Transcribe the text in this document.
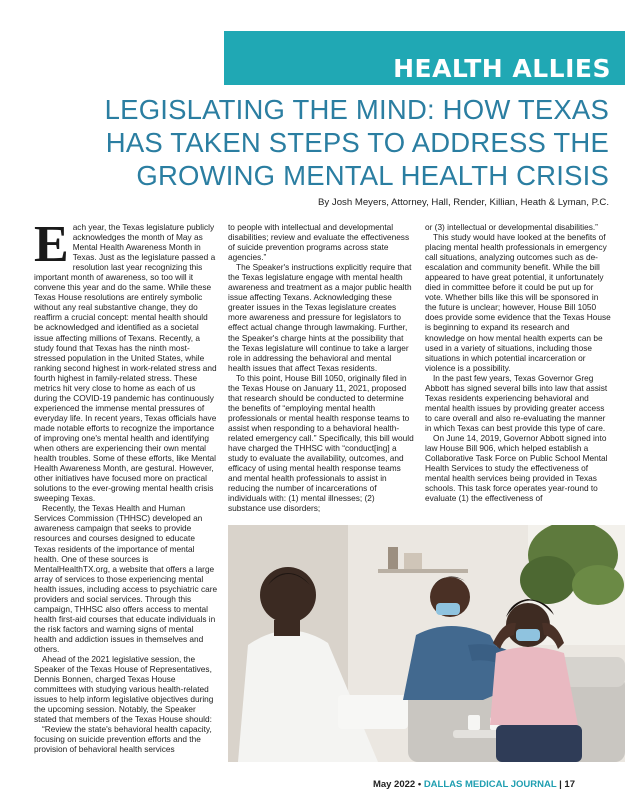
HEALTH ALLIES
LEGISLATING THE MIND: HOW TEXAS
HAS TAKEN STEPS TO ADDRESS THE
GROWING MENTAL HEALTH CRISIS
By Josh Meyers, Attorney, Hall, Render, Killian, Heath & Lyman, P.C.

Each year, the Texas legislature publicly acknowledges the month of May as Mental Health Awareness Month in Texas. Just as the legislature passed a resolution last year recognizing this important month of awareness, so too will it convene this year and do the same. While these Texas House resolutions are entirely symbolic without any real substantive change, they do reaffirm a crucial concept: mental health should be acknowledged and identified as a societal issue affecting millions of Texans. Recently, a study found that Texas has the ninth most-stressed population in the United States, while ranking second highest in work-related stress and fourth highest in family-related stress. These metrics hit very close to home as each of us during the COVID-19 pandemic has continuously experienced the immense mental pressures of everyday life. In recent years, Texas officials have made notable efforts to recognize the importance of improving one's mental health and identifying when others are experiencing their own mental health troubles. Some of these efforts, like Mental Health Awareness Month, are gestural. However, other initiatives have focused more on practical solutions to the ever-growing mental health crisis sweeping Texas.

Recently, the Texas Health and Human Services Commission (THHSC) developed an awareness campaign that seeks to provide resources and courses designed to educate Texas residents of the importance of mental health. One of these sources is MentalHealthTX.org, a website that offers a large array of services to those experiencing mental health issues, including access to psychiatric care providers and social services. Through this campaign, THHSC also offers access to mental health first-aid courses that educate individuals in the risk factors and warning signs of mental health and addiction issues in themselves and others.

Ahead of the 2021 legislative session, the Speaker of the Texas House of Representatives, Dennis Bonnen, charged Texas House committees with studying various health-related issues to help inform legislative objectives during the upcoming session. Notably, the Speaker stated that members of the Texas House should:

“Review the state's behavioral health capacity, focusing on suicide prevention efforts and the provision of behavioral health services

to people with intellectual and developmental disabilities; review and evaluate the effectiveness of suicide prevention programs across state agencies.”

The Speaker's instructions explicitly require that the Texas legislature engage with mental health awareness and treatment as a major public health issue affecting Texans. Acknowledging these greater issues in the Texas legislature creates more awareness and pressure for legislators to effect actual change through lawmaking. Further, the Speaker's charge hints at the possibility that the Texas legislature will continue to take a larger role in addressing the behavioral and mental health issues that affect Texas residents.

To this point, House Bill 1050, originally filed in the Texas House on January 11, 2021, proposed that research should be conducted to determine the benefits of “employing mental health professionals or mental health response teams to assist when responding to a behavioral health-related emergency call.” Specifically, this bill would have charged the THHSC with “conduct[ing] a study to evaluate the availability, outcomes, and efficacy of using mental health response teams and mental health professionals to assist in reducing the number of incarcerations of individuals with: (1) mental illnesses; (2) substance use disorders;

or (3) intellectual or developmental disabilities.”

This study would have looked at the benefits of placing mental health professionals in emergency call situations, analyzing outcomes such as de-escalation and community benefit. While the bill appeared to have great potential, it unfortunately died in committee before it could be put up for vote. Whether bills like this will be sponsored in the future is unclear; however, House Bill 1050 does provide some evidence that the Texas House is beginning to expand its research and knowledge on how mental health experts can be used in a variety of situations, including those situations in which potential incarceration or violence is a possibility.

In the past few years, Texas Governor Greg Abbott has signed several bills into law that assist Texas residents experiencing behavioral and mental health issues by providing greater access to care overall and also re-evaluating the manner in which Texas can best provide this type of care.

On June 14, 2019, Governor Abbott signed into law House Bill 906, which helped establish a Collaborative Task Force on Public School Mental Health Services to study the effectiveness of mental health services being provided in Texas schools. This task force operates year-round to evaluate (1) the effectiveness of

May 2022 • DALLAS MEDICAL JOURNAL | 17
